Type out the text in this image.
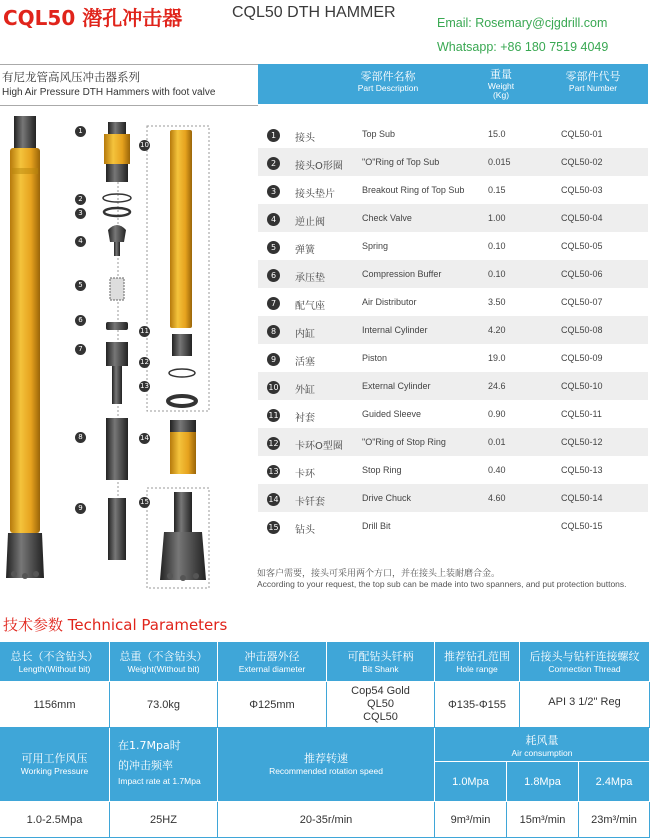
CQL50 潜孔冲击器	CQL50 DTH HAMMER
Email: Rosemary@cjgdrill.com
Whatsapp: +86 180 7519 4049
有尼龙管高风压冲击器系列
High Air Pressure DTH Hammers with foot valve
零部件名称
Part Description
重量
Weight
(Kg)
零部件代号
Part Number
1	接头	Top Sub	15.0	CQL50-01
2	接头O形圈 "O"Ring of Top Sub	0.015	CQL50-02
3	接头垫片	Breakout Ring of Top Sub	0.15	CQL50-03
4	逆止阀	Check Valve	1.00	CQL50-04
5	弹簧	Spring	0.10	CQL50-05
6	承压垫	Compression Buffer	0.10	CQL50-06
7	配气座	Air Distributor	3.50	CQL50-07
8	内缸	Internal Cylinder	4.20	CQL50-08
9	活塞	Piston	19.0	CQL50-09
10 外缸	External Cylinder	24.6	CQL50-10
11 衬套	Guided Sleeve	0.90	CQL50-11
12 卡环O型圈 "O"Ring of Stop Ring	0.01	CQL50-12
13 卡环	Stop Ring	0.40	CQL50-13
14 卡钎套	Drive Chuck	4.60	CQL50-14
15 钻头	Drill Bit	CQL50-15
1
2
3
4
5
6
7
8
9
10
11
12
13
14
15
如客户需要，接头可采用两个方口，并在接头上装耐磨合金。
According to your request, the top sub can be made into two spanners, and put protection buttons.
技术参数 Technical Parameters
总长（不含钻头）
Length(Without bit)
总重（不含钻头）
Weight(Without bit)
冲击器外径
External diameter
可配钻头钎柄
Bit Shank
推荐钻孔范围
Hole range
后接头与钻杆连接螺纹
Connection Thread
1156mm	73.0kg	Φ125mm
Cop54 Gold
QL50
CQL50
Φ135-Φ155	API 3 1/2" Reg
可用工作风压
Working Pressure
在1.7Mpa时
的冲击频率
Impact rate at 1.7Mpa
推荐转速
Recommended rotation speed
耗风量
Air consumption
1.0Mpa	1.8Mpa	2.4Mpa
1.0-2.5Mpa	25HZ	20-35r/min	9m³/min	15m³/min	23m³/min
